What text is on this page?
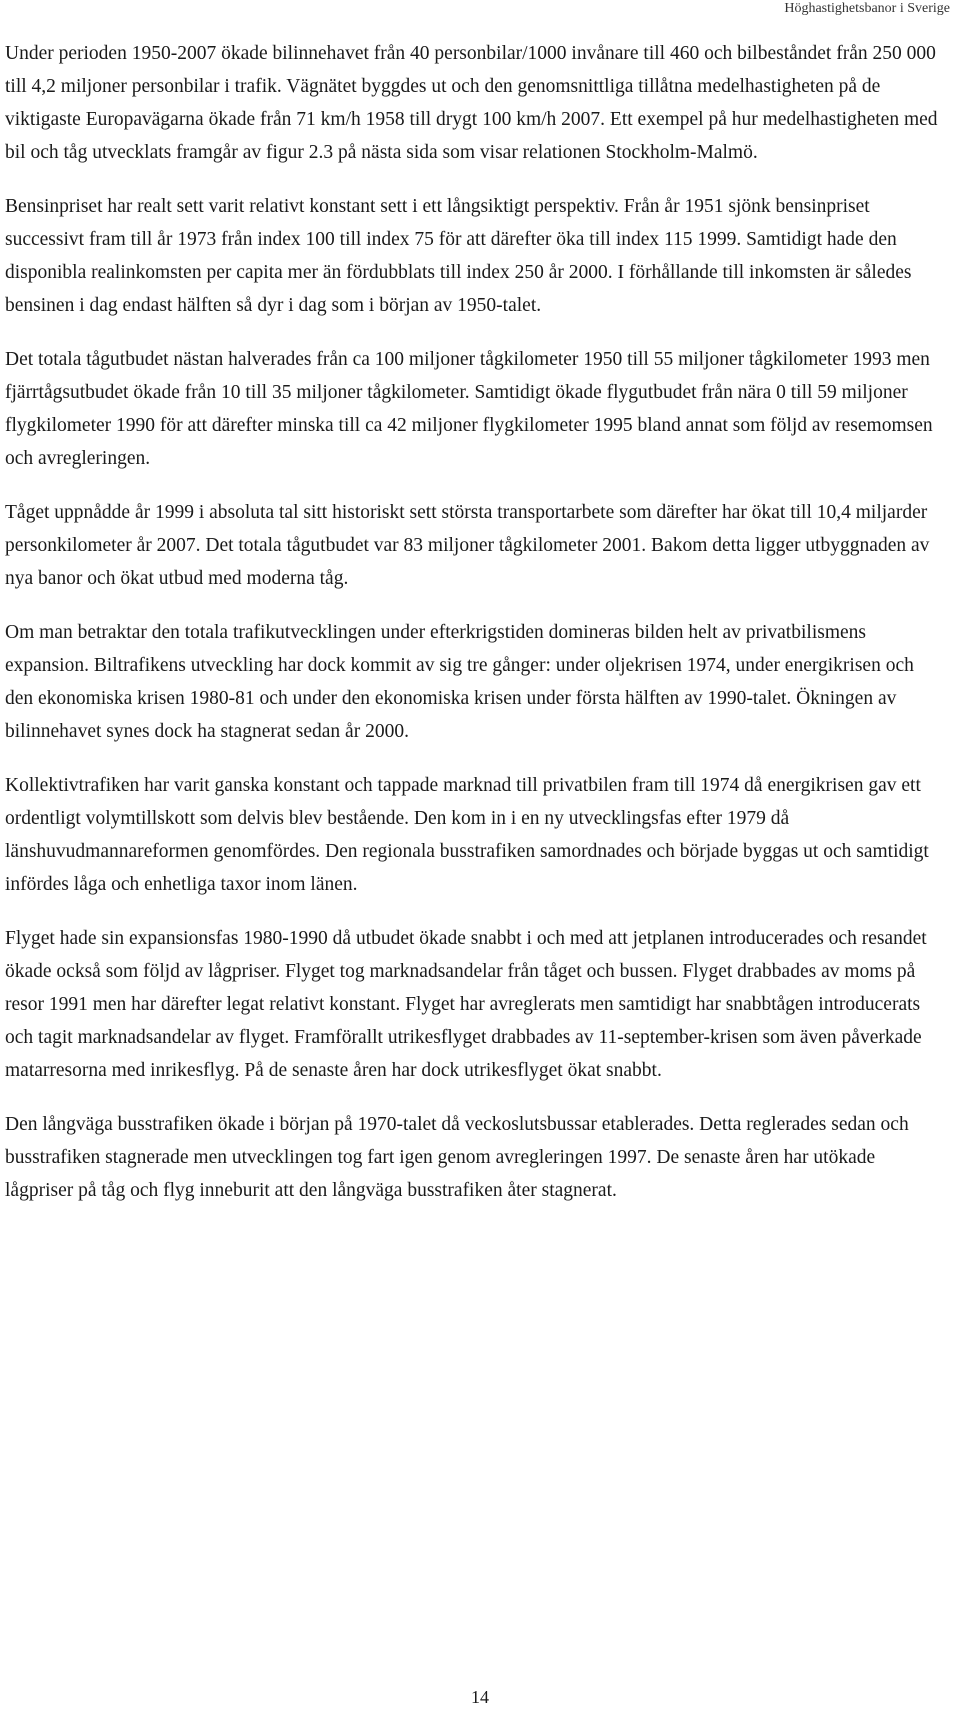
Höghastighetsbanor i Sverige

Under perioden 1950-2007 ökade bilinnehavet från 40 personbilar/1000 invånare till 460 och bilbeståndet från 250 000 till 4,2 miljoner personbilar i trafik. Vägnätet byggdes ut och den genomsnittliga tillåtna medelhastigheten på de viktigaste Europavägarna ökade från 71 km/h 1958 till drygt 100 km/h 2007. Ett exempel på hur medelhastigheten med bil och tåg utvecklats framgår av figur 2.3 på nästa sida som visar relationen Stockholm-Malmö.

Bensinpriset har realt sett varit relativt konstant sett i ett långsiktigt perspektiv. Från år 1951 sjönk bensinpriset successivt fram till år 1973 från index 100 till index 75 för att därefter öka till index 115 1999. Samtidigt hade den disponibla realinkomsten per capita mer än fördubblats till index 250 år 2000. I förhållande till inkomsten är således bensinen i dag endast hälften så dyr i dag som i början av 1950-talet.

Det totala tågutbudet nästan halverades från ca 100 miljoner tågkilometer 1950 till 55 miljoner tågkilometer 1993 men fjärrtågsutbudet ökade från 10 till 35 miljoner tågkilometer. Samtidigt ökade flygutbudet från nära 0 till 59 miljoner flygkilometer 1990 för att därefter minska till ca 42 miljoner flygkilometer 1995 bland annat som följd av resemomsen och avregleringen.

Tåget uppnådde år 1999 i absoluta tal sitt historiskt sett största transportarbete som därefter har ökat till 10,4 miljarder personkilometer år 2007. Det totala tågutbudet var 83 miljoner tågkilometer 2001. Bakom detta ligger utbyggnaden av nya banor och ökat utbud med moderna tåg.

Om man betraktar den totala trafikutvecklingen under efterkrigstiden domineras bilden helt av privatbilismens expansion. Biltrafikens utveckling har dock kommit av sig tre gånger: under oljekrisen 1974, under energikrisen och den ekonomiska krisen 1980-81 och under den ekonomiska krisen under första hälften av 1990-talet. Ökningen av bilinnehavet synes dock ha stagnerat sedan år 2000.

Kollektivtrafiken har varit ganska konstant och tappade marknad till privatbilen fram till 1974 då energikrisen gav ett ordentligt volymtillskott som delvis blev bestående. Den kom in i en ny utvecklingsfas efter 1979 då länshuvudmannareformen genomfördes. Den regionala busstrafiken samordnades och började byggas ut och samtidigt infördes låga och enhetliga taxor inom länen.

Flyget hade sin expansionsfas 1980-1990 då utbudet ökade snabbt i och med att jetplanen introducerades och resandet ökade också som följd av lågpriser. Flyget tog marknadsandelar från tåget och bussen. Flyget drabbades av moms på resor 1991 men har därefter legat relativt konstant. Flyget har avreglerats men samtidigt har snabbtågen introducerats och tagit marknadsandelar av flyget. Framförallt utrikesflyget drabbades av 11-september-krisen som även påverkade matarresorna med inrikesflyg. På de senaste åren har dock utrikesflyget ökat snabbt.

Den långväga busstrafiken ökade i början på 1970-talet då veckoslutsbussar etablerades. Detta reglerades sedan och busstrafiken stagnerade men utvecklingen tog fart igen genom avregleringen 1997. De senaste åren har utökade lågpriser på tåg och flyg inneburit att den långväga busstrafiken åter stagnerat.

14
